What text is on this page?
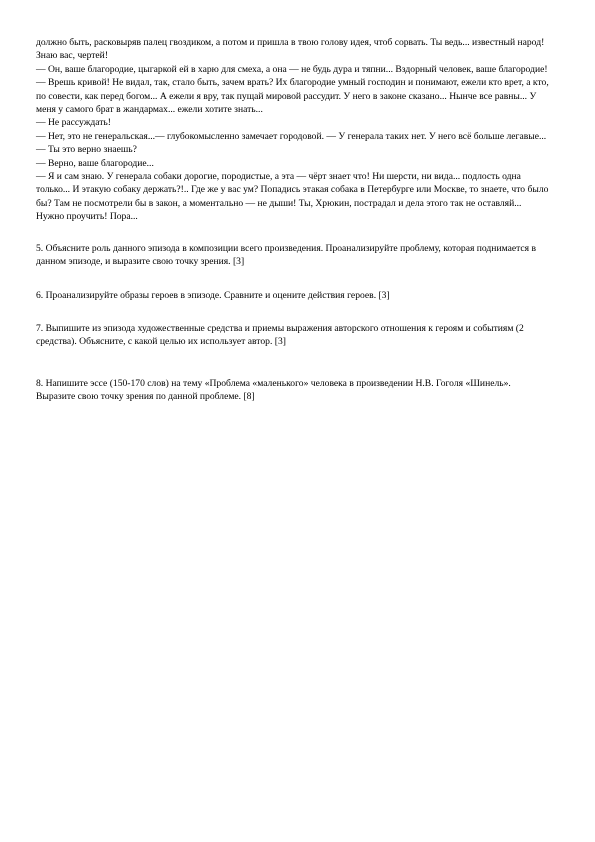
должно быть, расковыряв палец гвоздиком, а потом и пришла в твою голову идея, чтоб сорвать. Ты ведь... известный народ! Знаю вас, чертей!

— Он, ваше благородие, цыгаркой ей в харю для смеха, а она — не будь дура и тяпни... Вздорный человек, ваше благородие!

— Врешь кривой! Не видал, так, стало быть, зачем врать? Их благородие умный господин и понимают, ежели кто врет, а кто, по совести, как перед богом... А ежели я вру, так пущай мировой рассудит. У него в законе сказано... Нынче все равны... У меня у самого брат в жандармах... ежели хотите знать...

— Не рассуждать!

— Нет, это не генеральская...— глубокомысленно замечает городовой. — У генерала таких нет. У него всё больше легавые...

— Ты это верно знаешь?

— Верно, ваше благородие...

— Я и сам знаю. У генерала собаки дорогие, породистые, а эта — чёрт знает что! Ни шерсти, ни вида... подлость одна только... И этакую собаку держать?!.. Где же у вас ум? Попадись этакая собака в Петербурге или Москве, то знаете, что было бы? Там не посмотрели бы в закон, а моментально — не дыши! Ты, Хрюкин, пострадал и дела этого так не оставляй... Нужно проучить! Пора...

5. Объясните роль данного эпизода в композиции всего произведения. Проанализируйте проблему, которая поднимается в данном эпизоде, и выразите свою точку зрения. [3]

6. Проанализируйте образы героев в эпизоде. Сравните и оцените действия героев. [3]

7. Выпишите из эпизода художественные средства и приемы выражения авторского отношения к героям и событиям (2 средства). Объясните, с какой целью их использует автор. [3]

8. Напишите эссе (150-170 слов) на тему «Проблема «маленького» человека в произведении Н.В. Гоголя «Шинель». Выразите свою точку зрения по данной проблеме. [8]
